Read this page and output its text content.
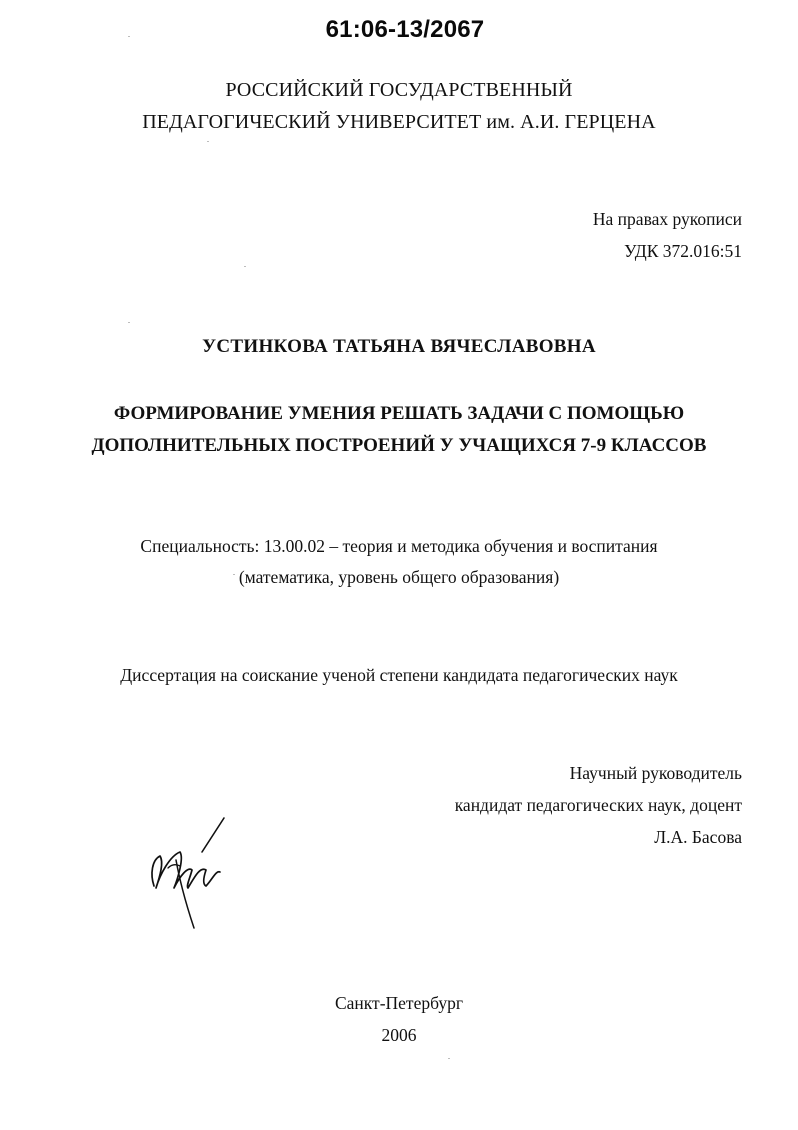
61:06-13/2067
РОССИЙСКИЙ ГОСУДАРСТВЕННЫЙ
ПЕДАГОГИЧЕСКИЙ УНИВЕРСИТЕТ им. А.И. ГЕРЦЕНА
На правах рукописи
УДК 372.016:51
УСТИНКОВА ТАТЬЯНА ВЯЧЕСЛАВОВНА
ФОРМИРОВАНИЕ УМЕНИЯ РЕШАТЬ ЗАДАЧИ С ПОМОЩЬЮ
ДОПОЛНИТЕЛЬНЫХ ПОСТРОЕНИЙ У УЧАЩИХСЯ 7-9 КЛАССОВ
Специальность: 13.00.02 – теория и методика обучения и воспитания
(математика, уровень общего образования)
Диссертация на соискание ученой степени кандидата педагогических наук
Научный руководитель
кандидат педагогических наук, доцент
Л.А. Басова
Санкт-Петербург
2006
